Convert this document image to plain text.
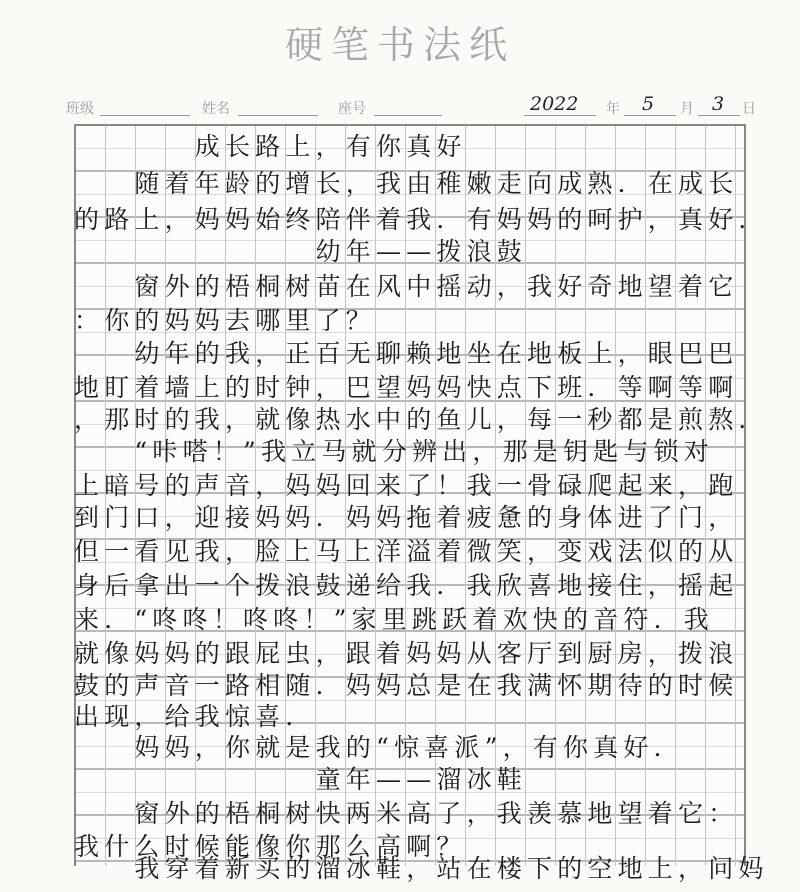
硬笔书法纸
班级	姓名	座号	2022 年 5 月 3 日
　　　　成长路上，有你真好
　　随着年龄的增长，我由稚嫩走向成熟．在成长
的路上，妈妈始终陪伴着我．有妈妈的呵护，真好．
　　　　　　　　幼年——拨浪鼓
　　窗外的梧桐树苗在风中摇动，我好奇地望着它
：你的妈妈去哪里了？
　　幼年的我，正百无聊赖地坐在地板上，眼巴巴
地盯着墙上的时钟，巴望妈妈快点下班．等啊等啊
，那时的我，就像热水中的鱼儿，每一秒都是煎熬．
　　“咔嗒！”我立马就分辨出，那是钥匙与锁对
上暗号的声音，妈妈回来了！我一骨碌爬起来，跑
到门口，迎接妈妈．妈妈拖着疲惫的身体进了门，
但一看见我，脸上马上洋溢着微笑，变戏法似的从
身后拿出一个拨浪鼓递给我．我欣喜地接住，摇起
来．“咚咚！咚咚！”家里跳跃着欢快的音符．我
就像妈妈的跟屁虫，跟着妈妈从客厅到厨房，拨浪
鼓的声音一路相随．妈妈总是在我满怀期待的时候
出现，给我惊喜．
　　妈妈，你就是我的“惊喜派”，有你真好．
　　　　　　　　童年——溜冰鞋
　　窗外的梧桐树快两米高了，我羡慕地望着它：
我什么时候能像你那么高啊？
　　我穿着新买的溜冰鞋，站在楼下的空地上，问妈
